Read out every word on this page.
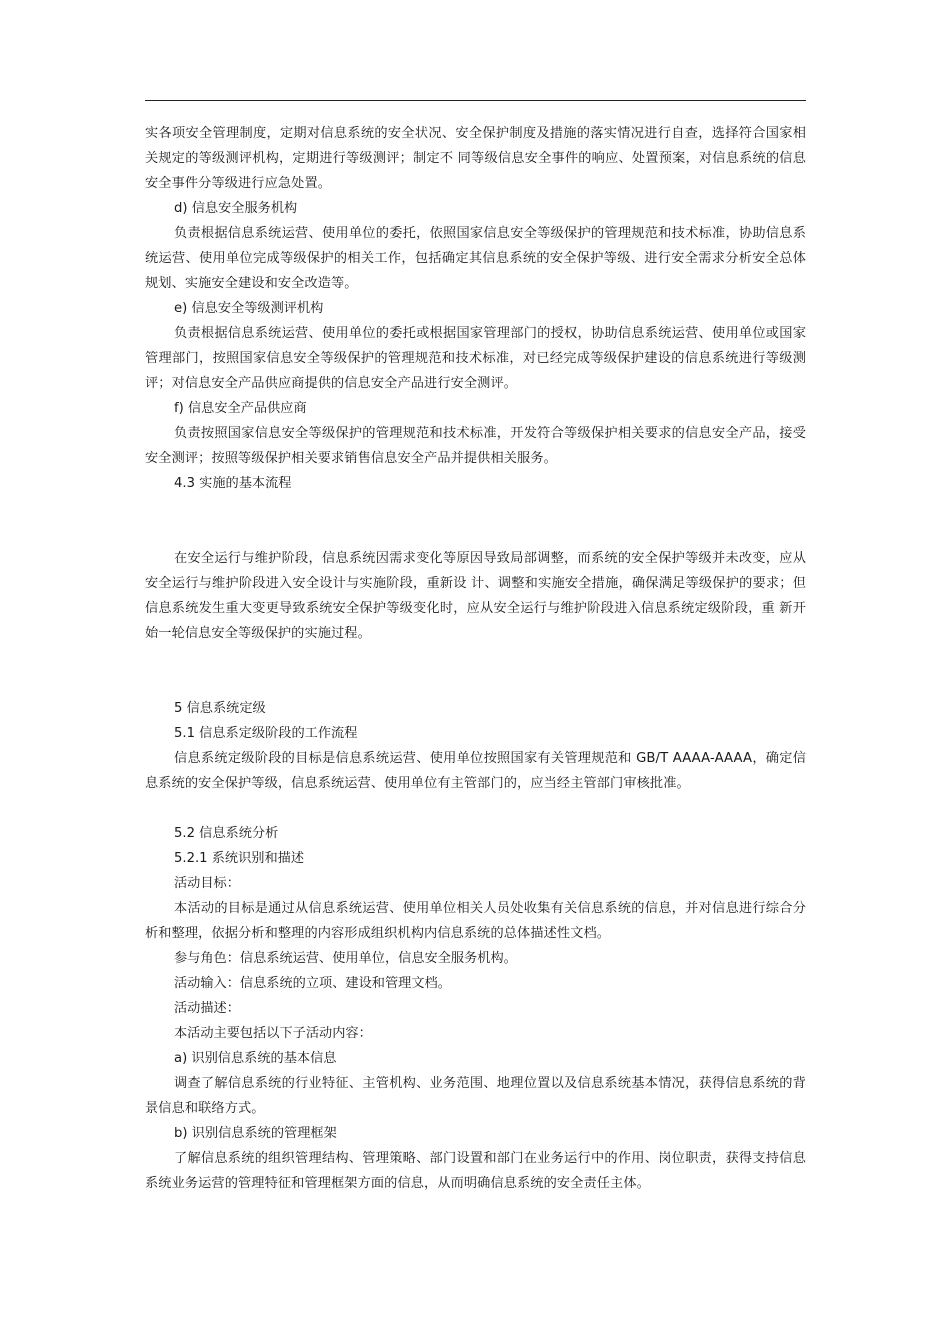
实各项安全管理制度，定期对信息系统的安全状况、安全保护制度及措施的落实情况进行自查，选择符合国家相关规定的等级测评机构，定期进行等级测评；制定不 同等级信息安全事件的响应、处置预案，对信息系统的信息安全事件分等级进行应急处置。

d) 信息安全服务机构

负责根据信息系统运营、使用单位的委托，依照国家信息安全等级保护的管理规范和技术标准，协助信息系统运营、使用单位完成等级保护的相关工作，包括确定其信息系统的安全保护等级、进行安全需求分析安全总体规划、实施安全建设和安全改造等。

e) 信息安全等级测评机构

负责根据信息系统运营、使用单位的委托或根据国家管理部门的授权，协助信息系统运营、使用单位或国家管理部门，按照国家信息安全等级保护的管理规范和技术标准，对已经完成等级保护建设的信息系统进行等级测评；对信息安全产品供应商提供的信息安全产品进行安全测评。

f) 信息安全产品供应商

负责按照国家信息安全等级保护的管理规范和技术标准，开发符合等级保护相关要求的信息安全产品，接受安全测评；按照等级保护相关要求销售信息安全产品并提供相关服务。

4.3 实施的基本流程

在安全运行与维护阶段，信息系统因需求变化等原因导致局部调整，而系统的安全保护等级并未改变，应从安全运行与维护阶段进入安全设计与实施阶段，重新设 计、调整和实施安全措施，确保满足等级保护的要求；但信息系统发生重大变更导致系统安全保护等级变化时，应从安全运行与维护阶段进入信息系统定级阶段，重 新开始一轮信息安全等级保护的实施过程。

5 信息系统定级

5.1 信息系定级阶段的工作流程

信息系统定级阶段的目标是信息系统运营、使用单位按照国家有关管理规范和 GB/T AAAA-AAAA，确定信息系统的安全保护等级，信息系统运营、使用单位有主管部门的，应当经主管部门审核批准。

5.2 信息系统分析

5.2.1 系统识别和描述

活动目标：

本活动的目标是通过从信息系统运营、使用单位相关人员处收集有关信息系统的信息，并对信息进行综合分析和整理，依据分析和整理的内容形成组织机构内信息系统的总体描述性文档。

参与角色：信息系统运营、使用单位，信息安全服务机构。

活动输入：信息系统的立项、建设和管理文档。

活动描述：

本活动主要包括以下子活动内容：

a) 识别信息系统的基本信息

调查了解信息系统的行业特征、主管机构、业务范围、地理位置以及信息系统基本情况，获得信息系统的背景信息和联络方式。

b) 识别信息系统的管理框架

了解信息系统的组织管理结构、管理策略、部门设置和部门在业务运行中的作用、岗位职责，获得支持信息系统业务运营的管理特征和管理框架方面的信息，从而明确信息系统的安全责任主体。
